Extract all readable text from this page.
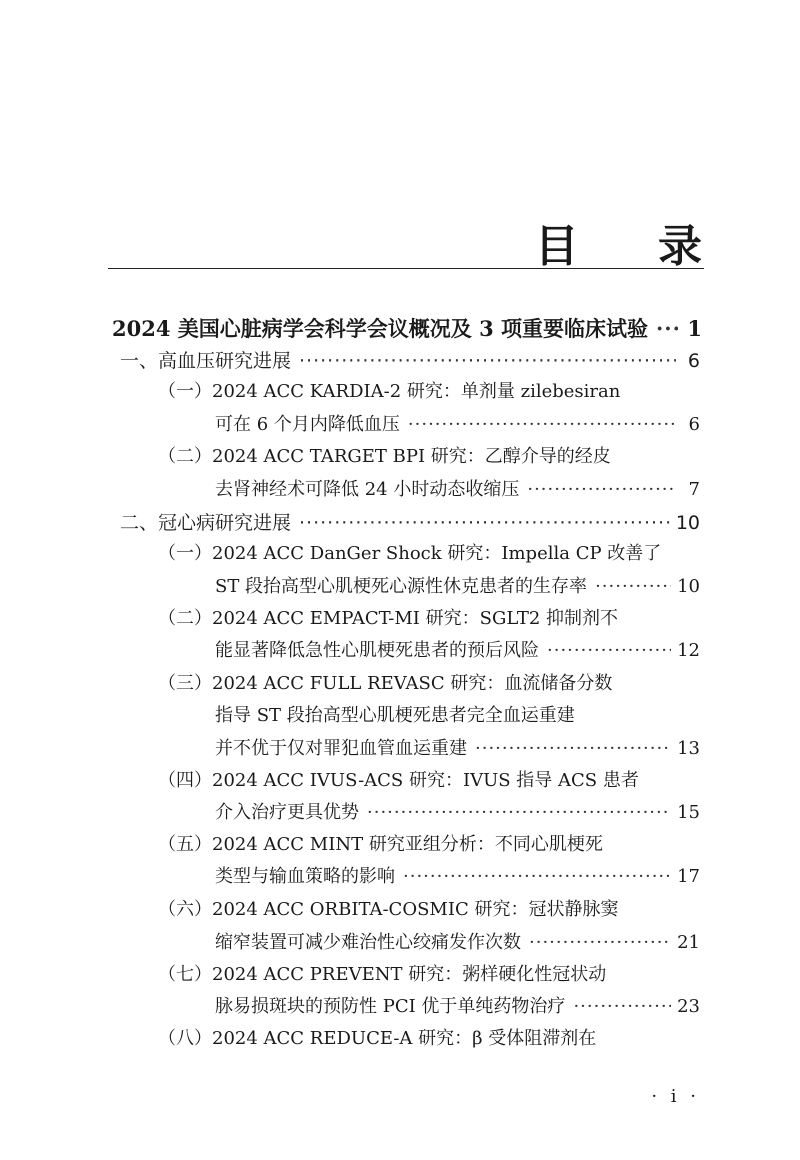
目 录
2024 美国心脏病学会科学会议概况及 3 项重要临床试验 ····· 1
一、高血压研究进展 ·····	6
（一）2024 ACC KARDIA-2 研究：单剂量 zilebesiran
可在 6 个月内降低血压 ·····	6
（二）2024 ACC TARGET BPI 研究：乙醇介导的经皮
去肾神经术可降低 24 小时动态收缩压 ·····	7
二、冠心病研究进展 ·····	10
（一）2024 ACC DanGer Shock 研究：Impella CP 改善了
ST 段抬高型心肌梗死心源性休克患者的生存率 ·····	10
（二）2024 ACC EMPACT-MI 研究：SGLT2 抑制剂不
能显著降低急性心肌梗死患者的预后风险 ·····	12
（三）2024 ACC FULL REVASC 研究：血流储备分数
指导 ST 段抬高型心肌梗死患者完全血运重建
并不优于仅对罪犯血管血运重建 ·····	13
（四）2024 ACC IVUS-ACS 研究：IVUS 指导 ACS 患者
介入治疗更具优势 ·····	15
（五）2024 ACC MINT 研究亚组分析：不同心肌梗死
类型与输血策略的影响 ·····	17
（六）2024 ACC ORBITA-COSMIC 研究：冠状静脉窦
缩窄装置可减少难治性心绞痛发作次数 ·····	21
（七）2024 ACC PREVENT 研究：粥样硬化性冠状动
脉易损斑块的预防性 PCI 优于单纯药物治疗 ·····	23
（八）2024 ACC REDUCE-A 研究：β 受体阻滞剂在
· i ·
